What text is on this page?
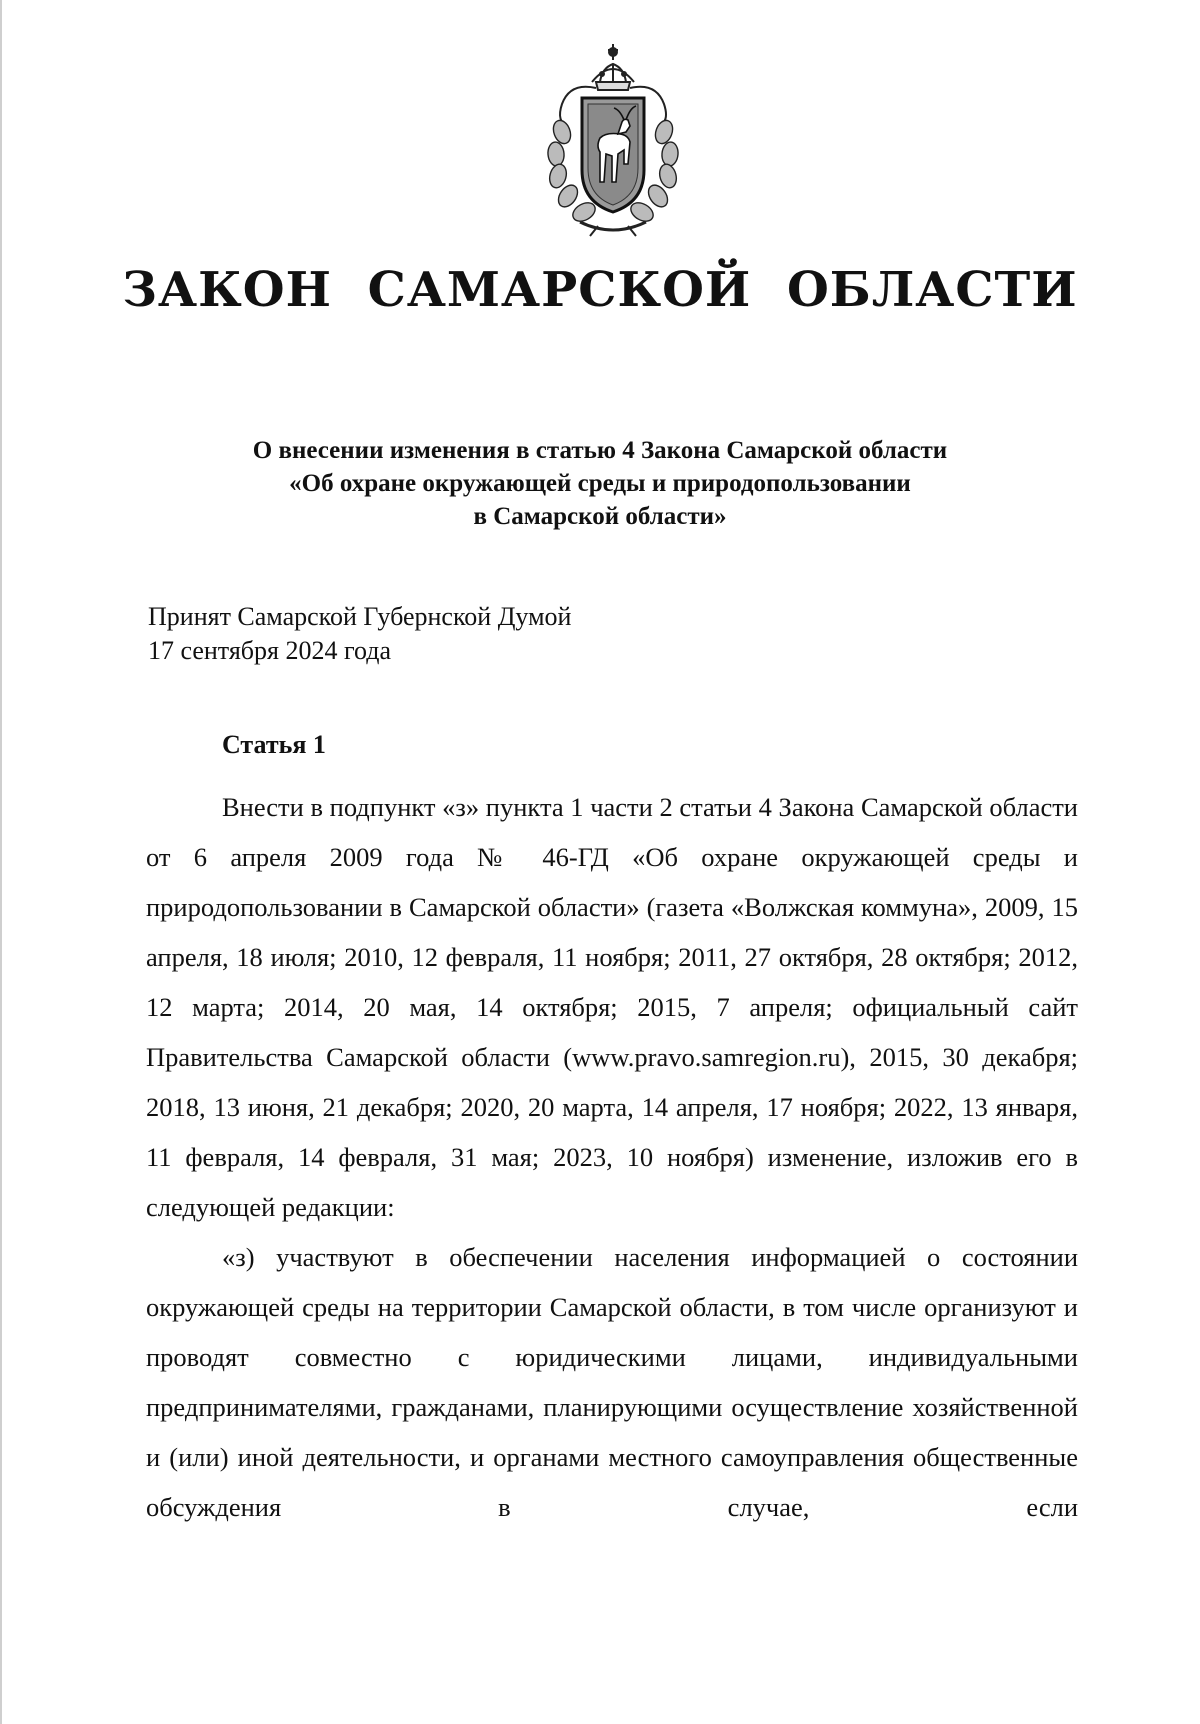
ЗАКОН САМАРСКОЙ ОБЛАСТИ
О внесении изменения в статью 4 Закона Самарской области
«Об охране окружающей среды и природопользовании
в Самарской области»
Принят Самарской Губернской Думой
17 сентября 2024 года
Статья 1

Внести в подпункт «з» пункта 1 части 2 статьи 4 Закона Самарской области от 6 апреля 2009 года № 46-ГД «Об охране окружающей среды и природопользовании в Самарской области» (газета «Волжская коммуна», 2009, 15 апреля, 18 июля; 2010, 12 февраля, 11 ноября; 2011, 27 октября, 28 октября; 2012, 12 марта; 2014, 20 мая, 14 октября; 2015, 7 апреля; официальный сайт Правительства Самарской области (www.pravo.samregion.ru), 2015, 30 декабря; 2018, 13 июня, 21 декабря; 2020, 20 марта, 14 апреля, 17 ноября; 2022, 13 января, 11 февраля, 14 февраля, 31 мая; 2023, 10 ноября) изменение, изложив его в следующей редакции:

«з) участвуют в обеспечении населения информацией о состоянии окружающей среды на территории Самарской области, в том числе организуют и проводят совместно с юридическими лицами, индивидуальными предпринимателями, гражданами, планирующими осуществление хозяйственной и (или) иной деятельности, и органами местного самоуправления общественные обсуждения в случае, если
